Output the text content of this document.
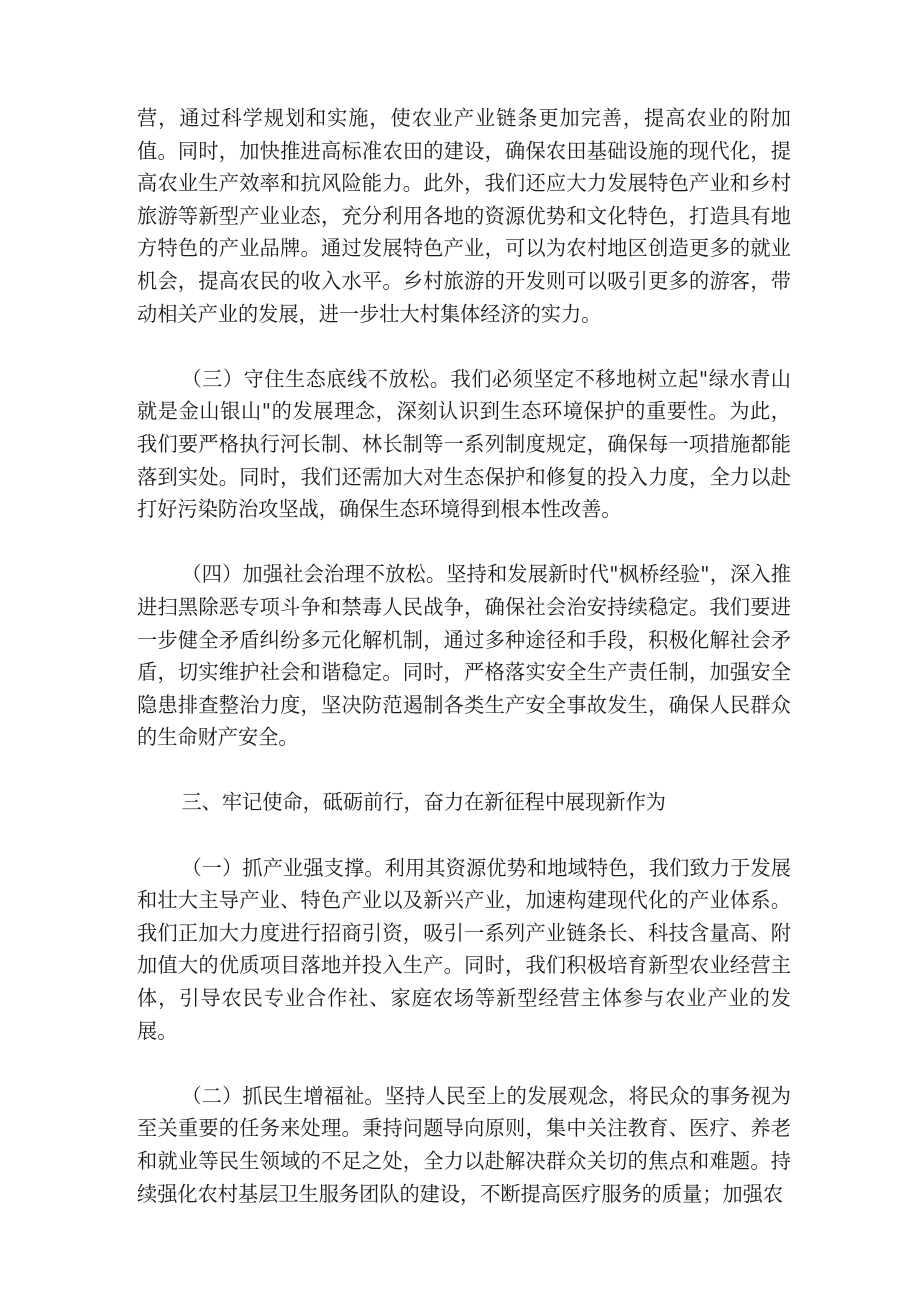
营，通过科学规划和实施，使农业产业链条更加完善，提高农业的附加值。同时，加快推进高标准农田的建设，确保农田基础设施的现代化，提高农业生产效率和抗风险能力。此外，我们还应大力发展特色产业和乡村旅游等新型产业业态，充分利用各地的资源优势和文化特色，打造具有地方特色的产业品牌。通过发展特色产业，可以为农村地区创造更多的就业机会，提高农民的收入水平。乡村旅游的开发则可以吸引更多的游客，带动相关产业的发展，进一步壮大村集体经济的实力。

（三）守住生态底线不放松。我们必须坚定不移地树立起"绿水青山就是金山银山"的发展理念，深刻认识到生态环境保护的重要性。为此，我们要严格执行河长制、林长制等一系列制度规定，确保每一项措施都能落到实处。同时，我们还需加大对生态保护和修复的投入力度，全力以赴打好污染防治攻坚战，确保生态环境得到根本性改善。

（四）加强社会治理不放松。坚持和发展新时代"枫桥经验"，深入推进扫黑除恶专项斗争和禁毒人民战争，确保社会治安持续稳定。我们要进一步健全矛盾纠纷多元化解机制，通过多种途径和手段，积极化解社会矛盾，切实维护社会和谐稳定。同时，严格落实安全生产责任制，加强安全隐患排查整治力度，坚决防范遏制各类生产安全事故发生，确保人民群众的生命财产安全。

三、牢记使命，砥砺前行，奋力在新征程中展现新作为

（一）抓产业强支撑。利用其资源优势和地域特色，我们致力于发展和壮大主导产业、特色产业以及新兴产业，加速构建现代化的产业体系。我们正加大力度进行招商引资，吸引一系列产业链条长、科技含量高、附加值大的优质项目落地并投入生产。同时，我们积极培育新型农业经营主体，引导农民专业合作社、家庭农场等新型经营主体参与农业产业的发展。

（二）抓民生增福祉。坚持人民至上的发展观念，将民众的事务视为至关重要的任务来处理。秉持问题导向原则，集中关注教育、医疗、养老和就业等民生领域的不足之处，全力以赴解决群众关切的焦点和难题。持续强化农村基层卫生服务团队的建设，不断提高医疗服务的质量；加强农
